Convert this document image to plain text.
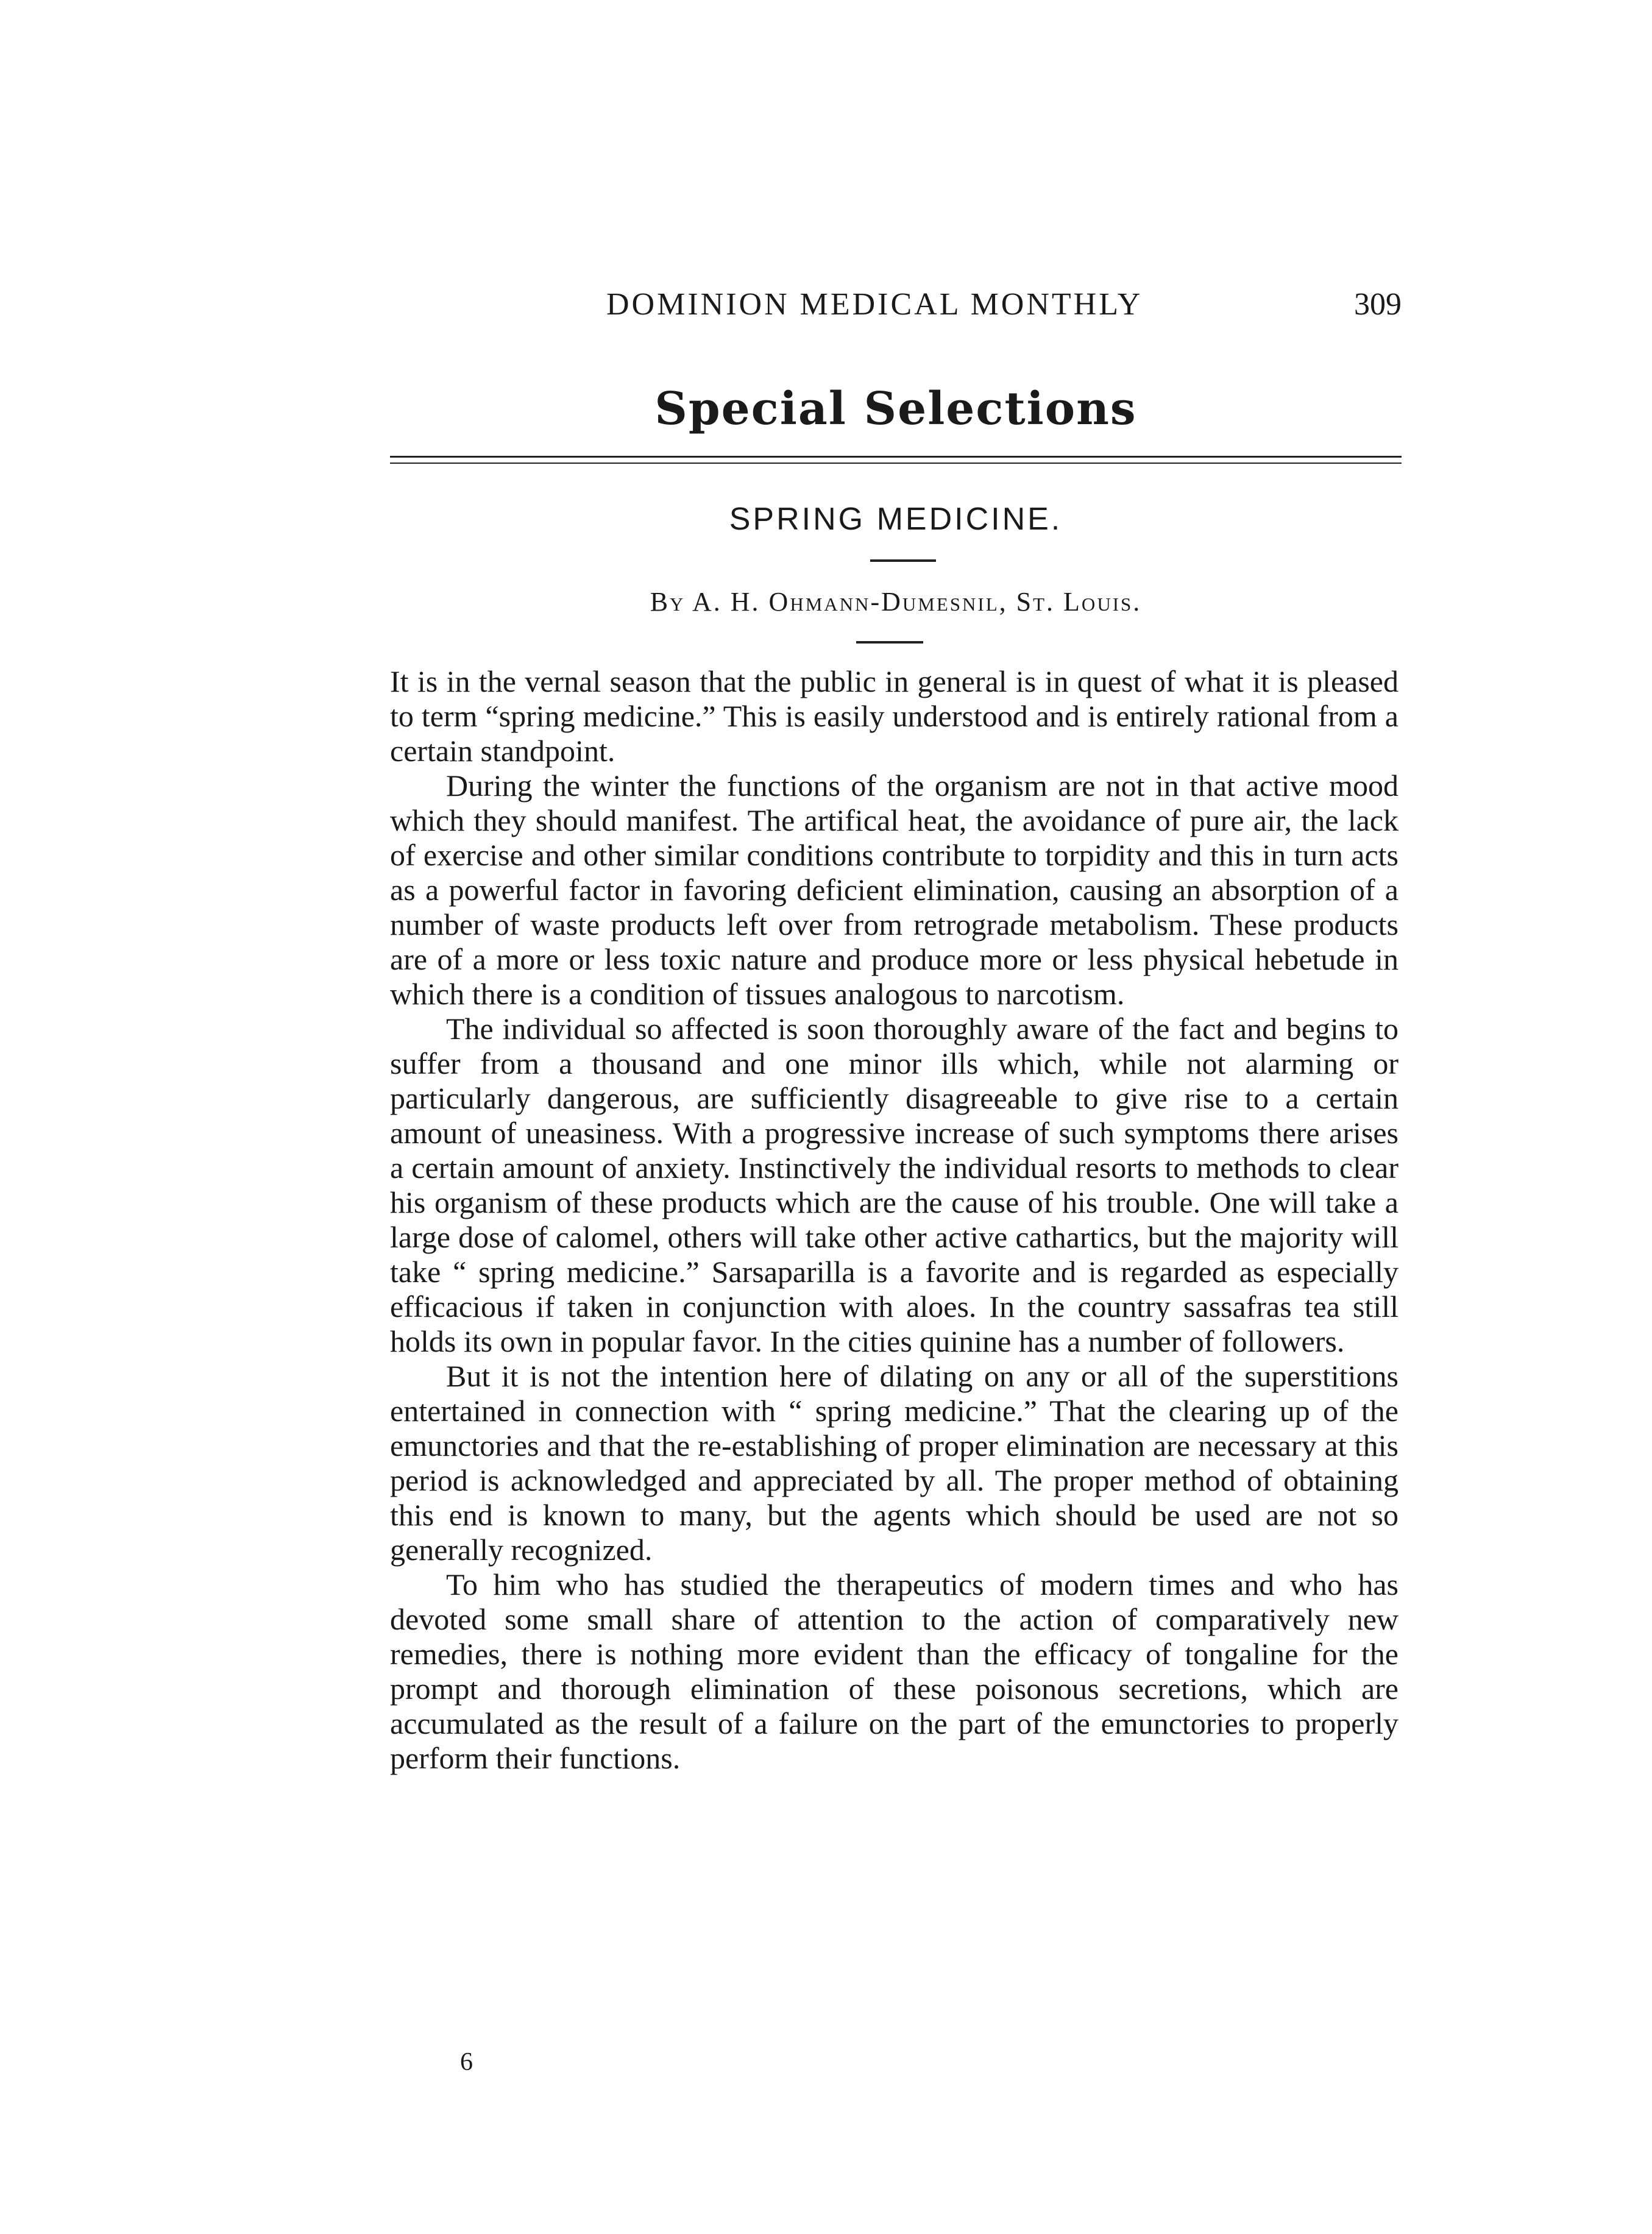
DOMINION MEDICAL MONTHLY	309
Special Selections
SPRING MEDICINE.
By A. H. Ohmann-Dumesnil, St. Louis.

It is in the vernal season that the public in general is in quest of what it is pleased to term “spring medicine.” This is easily understood and is entirely rational from a certain standpoint.

During the winter the functions of the organism are not in that active mood which they should manifest. The artifical heat, the avoidance of pure air, the lack of exercise and other similar conditions contribute to torpidity and this in turn acts as a powerful factor in favoring deficient elimination, causing an absorption of a number of waste products left over from retrograde metabolism. These products are of a more or less toxic nature and produce more or less physical hebetude in which there is a condition of tissues analogous to narcotism.

The individual so affected is soon thoroughly aware of the fact and begins to suffer from a thousand and one minor ills which, while not alarming or particularly dangerous, are sufficiently disagreeable to give rise to a certain amount of uneasiness. With a progressive increase of such symptoms there arises a certain amount of anxiety. Instinctively the individual resorts to methods to clear his organism of these products which are the cause of his trouble. One will take a large dose of calomel, others will take other active cathartics, but the majority will take “ spring medicine.” Sarsaparilla is a favorite and is regarded as especially efficacious if taken in conjunction with aloes. In the country sassafras tea still holds its own in popular favor. In the cities quinine has a number of followers.

But it is not the intention here of dilating on any or all of the superstitions entertained in connection with “ spring medicine.” That the clearing up of the emunctories and that the re-establishing of proper elimination are necessary at this period is acknowledged and appreciated by all. The proper method of obtaining this end is known to many, but the agents which should be used are not so generally recognized.

To him who has studied the therapeutics of modern times and who has devoted some small share of attention to the action of comparatively new remedies, there is nothing more evident than the efficacy of tongaline for the prompt and thorough elimination of these poisonous secretions, which are accumulated as the result of a failure on the part of the emunctories to properly perform their functions.

6
